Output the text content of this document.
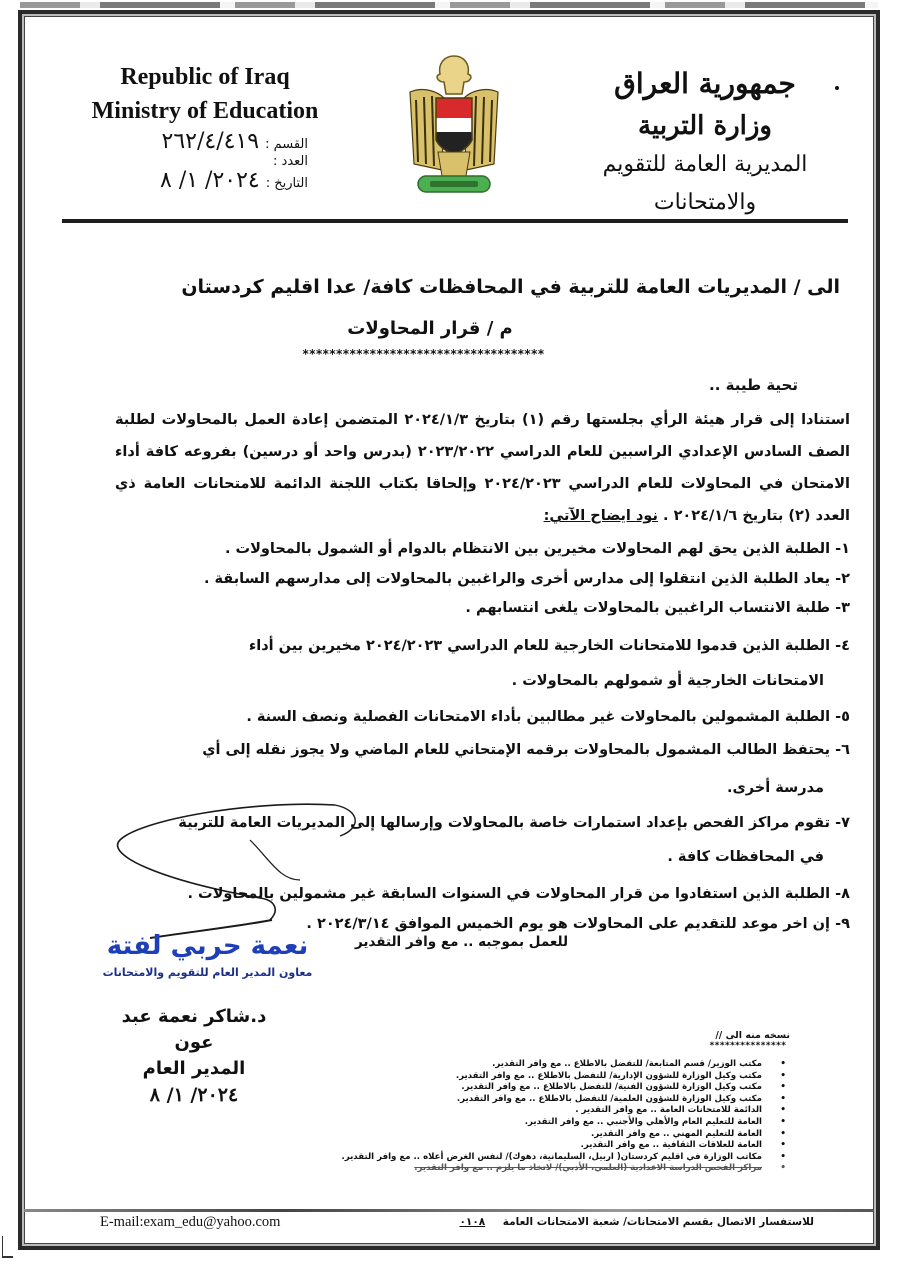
Republic of Iraq
Ministry of Education
القسم :
٢٦٢/٤/٤١٩
العدد :
التاريخ :
٢٠٢٤/ ١/ ٨
جمهورية العراق
وزارة التربية
المديرية العامة للتقويم والامتحانات
الى / المديريات العامة للتربية في المحافظات كافة/ عدا اقليم كردستان
م / قرار المحاولات
************************************
تحية طيبة ..
استنادا إلى قرار هيئة الرأي بجلستها رقم (١) بتاريخ ٢٠٢٤/١/٣ المتضمن إعادة العمل بالمحاولات لطلبة الصف السادس الإعدادي الراسبين للعام الدراسي ٢٠٢٣/٢٠٢٢ (بدرس واحد أو درسين) بفروعه كافة أداء الامتحان في المحاولات للعام الدراسي ٢٠٢٤/٢٠٢٣ وإلحاقا بكتاب اللجنة الدائمة للامتحانات العامة ذي العدد (٢) بتاريخ ٢٠٢٤/١/٦ . نود ايضاح الآتي:
١- الطلبة الذين يحق لهم المحاولات مخيرين بين الانتظام بالدوام أو الشمول بالمحاولات .
٢- يعاد الطلبة الذين انتقلوا إلى مدارس أخرى والراغبين بالمحاولات إلى مدارسهم السابقة .
٣- طلبة الانتساب الراغبين بالمحاولات يلغى انتسابهم .
٤- الطلبة الذين قدموا للامتحانات الخارجية للعام الدراسي ٢٠٢٤/٢٠٢٣ مخيرين بين أداء
الامتحانات الخارجية أو شمولهم بالمحاولات .
٥- الطلبة المشمولين بالمحاولات غير مطالبين بأداء الامتحانات الفصلية ونصف السنة .
٦- يحتفظ الطالب المشمول بالمحاولات برقمه الإمتحاني للعام الماضي ولا يجوز نقله إلى أي
مدرسة أخرى.
٧- تقوم مراكز الفحص بإعداد استمارات خاصة بالمحاولات وإرسالها إلى المديريات العامة للتربية
في المحافظات كافة .
٨- الطلبة الذين استفادوا من قرار المحاولات في السنوات السابقة غير مشمولين بالمحاولات .
٩- إن اخر موعد للتقديم على المحاولات هو يوم الخميس الموافق ٢٠٢٤/٣/١٤ .
للعمل بموجبه .. مع وافر التقدير
نعمة حربي لفتة
معاون المدير العام للتقويم والامتحانات
د.شاكر نعمة عبد عون
المدير العام
٢٠٢٤/ ١/ ٨
نسخه منه الى //
***************
• مكتب الوزير/ قسم المتابعة/ للتفضل بالاطلاع .. مع وافر التقدير.
• مكتب وكيل الوزارة للشؤون الإدارية/ للتفضل بالاطلاع .. مع وافر التقدير.
• مكتب وكيل الوزارة للشؤون الفنية/ للتفضل بالاطلاع .. مع وافر التقدير.
• مكتب وكيل الوزارة للشؤون العلمية/ للتفضل بالاطلاع .. مع وافر التقدير.
• الدائمة للامتحانات العامة .. مع وافر التقدير .
• العامة للتعليم العام والأهلي والأجنبي .. مع وافر التقدير.
• العامة للتعليم المهني .. مع وافر التقدير.
• العامة للعلاقات الثقافية .. مع وافر التقدير.
• مكاتب الوزارة في اقليم كردستان( اربيل، السليمانية، دهوك)/ لنفس الغرض أعلاه .. مع وافر التقدير.
• مراكز الفحص الدراسة الاعدادية (العلمي، الأدبي)/ لاتخاذ ما يلزم .. مع وافر التقدير.
E-mail:exam_edu@yahoo.com	للاستفسار الاتصال بقسم الامتحانات/ شعبة الامتحانات العامة ٠١٠٨
